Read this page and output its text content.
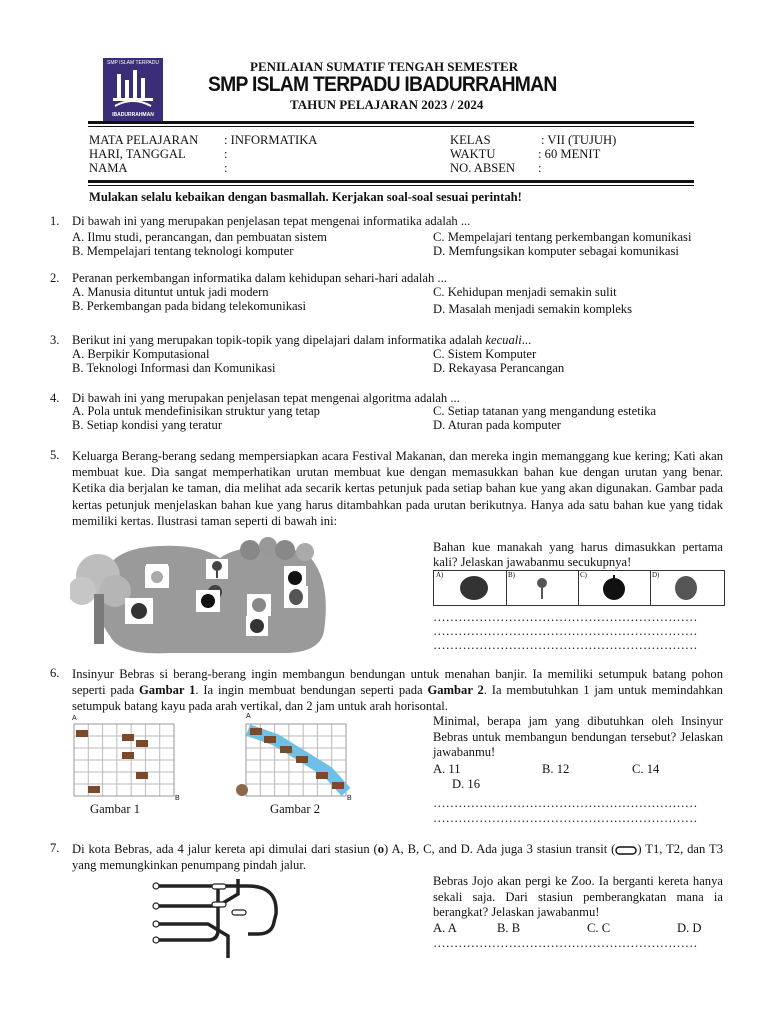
SMP ISLAM TERPADU
IBADURRAHMAN
PENILAIAN SUMATIF TENGAH SEMESTER
SMP ISLAM TERPADU IBADURRAHMAN
TAHUN PELAJARAN 2023 / 2024
MATA PELAJARAN : INFORMATIKA
HARI, TANGGAL	:
NAMA	:
KELAS	: VII (TUJUH)
WAKTU	: 60 MENIT
NO. ABSEN :
Mulakan selalu kebaikan dengan basmallah. Kerjakan soal-soal sesuai perintah!
1. Di bawah ini yang merupakan penjelasan tepat mengenai informatika adalah ...
A. Ilmu studi, perancangan, dan pembuatan sistem
B. Mempelajari tentang teknologi komputer
C. Mempelajari tentang perkembangan komunikasi
D. Memfungsikan komputer sebagai komunikasi
2. Peranan perkembangan informatika dalam kehidupan sehari-hari adalah ...
A. Manusia dituntut untuk jadi modern
B. Perkembangan pada bidang telekomunikasi
C. Kehidupan menjadi semakin sulit
D. Masalah menjadi semakin kompleks
3. Berikut ini yang merupakan topik-topik yang dipelajari dalam informatika adalah kecuali...
A. Berpikir Komputasional
B. Teknologi Informasi dan Komunikasi
C. Sistem Komputer
D. Rekayasa Perancangan
4. Di bawah ini yang merupakan penjelasan tepat mengenai algoritma adalah ...
A. Pola untuk mendefinisikan struktur yang tetap
B. Setiap kondisi yang teratur
C. Setiap tatanan yang mengandung estetika
D. Aturan pada komputer
5. Keluarga Berang-berang sedang mempersiapkan acara Festival Makanan, dan mereka ingin memanggang kue kering; Kati akan membuat kue. Dia sangat memperhatikan urutan membuat kue dengan memasukkan bahan kue dengan urutan yang benar. Ketika dia berjalan ke taman, dia melihat ada secarik kertas petunjuk pada setiap bahan kue yang akan digunakan. Gambar pada kertas petunjuk menjelaskan bahan kue yang harus ditambahkan pada urutan berikutnya. Hanya ada satu bahan kue yang tidak memiliki kertas. Ilustrasi taman seperti di bawah ini:
Bahan kue manakah yang harus dimasukkan pertama kali? Jelaskan jawabanmu secukupnya!
A)	B)	C)	D)
………………………………………………………
………………………………………………………
………………………………………………………
6. Insinyur Bebras si berang-berang ingin membangun bendungan untuk menahan banjir. Ia memiliki setumpuk batang pohon seperti pada Gambar 1. Ia ingin membuat bendungan seperti pada Gambar 2. Ia membutuhkan 1 jam untuk memindahkan setumpuk batang kayu pada arah vertikal, dan 2 jam untuk arah horisontal.
A
B
A
B
Gambar 1	Gambar 2
Minimal, berapa jam yang dibutuhkan oleh Insinyur Bebras untuk membangun bendungan tersebut? Jelaskan jawabanmu!
A. 11	B. 12	C. 14
D. 16
………………………………………………………
………………………………………………………
7. Di kota Bebras, ada 4 jalur kereta api dimulai dari stasiun (o) A, B, C, and D. Ada juga 3 stasiun transit ( ) T1, T2, dan T3 yang memungkinkan penumpang pindah jalur.
Bebras Jojo akan pergi ke Zoo. Ia berganti kereta hanya sekali saja. Dari stasiun pemberangkatan mana ia berangkat? Jelaskan jawabanmu!
A. A	B. B	C. C	D. D
………………………………………………………
